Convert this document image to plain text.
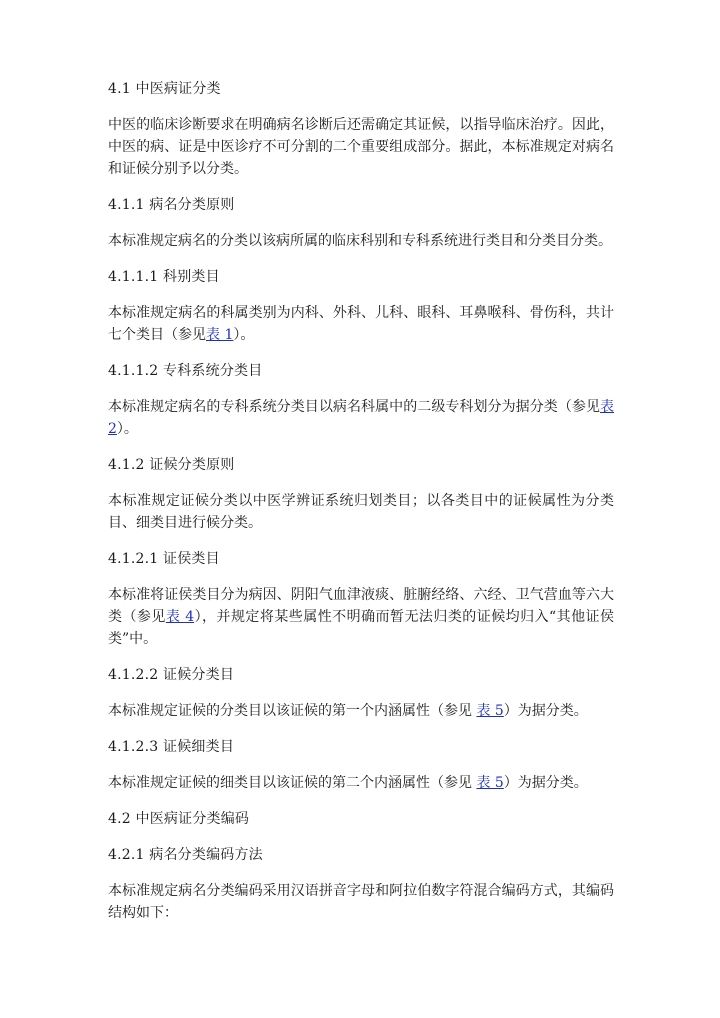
4.1 中医病证分类
中医的临床诊断要求在明确病名诊断后还需确定其证候，以指导临床治疗。因此，中医的病、证是中医诊疗不可分割的二个重要组成部分。据此，本标准规定对病名和证候分别予以分类。
4.1.1 病名分类原则
本标准规定病名的分类以该病所属的临床科别和专科系统进行类目和分类目分类。
4.1.1.1 科别类目
本标准规定病名的科属类别为内科、外科、儿科、眼科、耳鼻喉科、骨伤科，共计七个类目（参见表 1）。
4.1.1.2 专科系统分类目
本标准规定病名的专科系统分类目以病名科属中的二级专科划分为据分类（参见表 2）。
4.1.2 证候分类原则
本标准规定证候分类以中医学辨证系统归划类目；以各类目中的证候属性为分类目、细类目进行候分类。
4.1.2.1 证侯类目
本标准将证侯类目分为病因、阴阳气血津液痰、脏腑经络、六经、卫气营血等六大类（参见表 4），并规定将某些属性不明确而暂无法归类的证候均归入“其他证侯类”中。
4.1.2.2 证候分类目
本标准规定证候的分类目以该证候的第一个内涵属性（参见 表 5）为据分类。
4.1.2.3 证候细类目
本标准规定证候的细类目以该证候的第二个内涵属性（参见 表 5）为据分类。
4.2 中医病证分类编码
4.2.1 病名分类编码方法
本标准规定病名分类编码采用汉语拼音字母和阿拉伯数字符混合编码方式，其编码结构如下：
